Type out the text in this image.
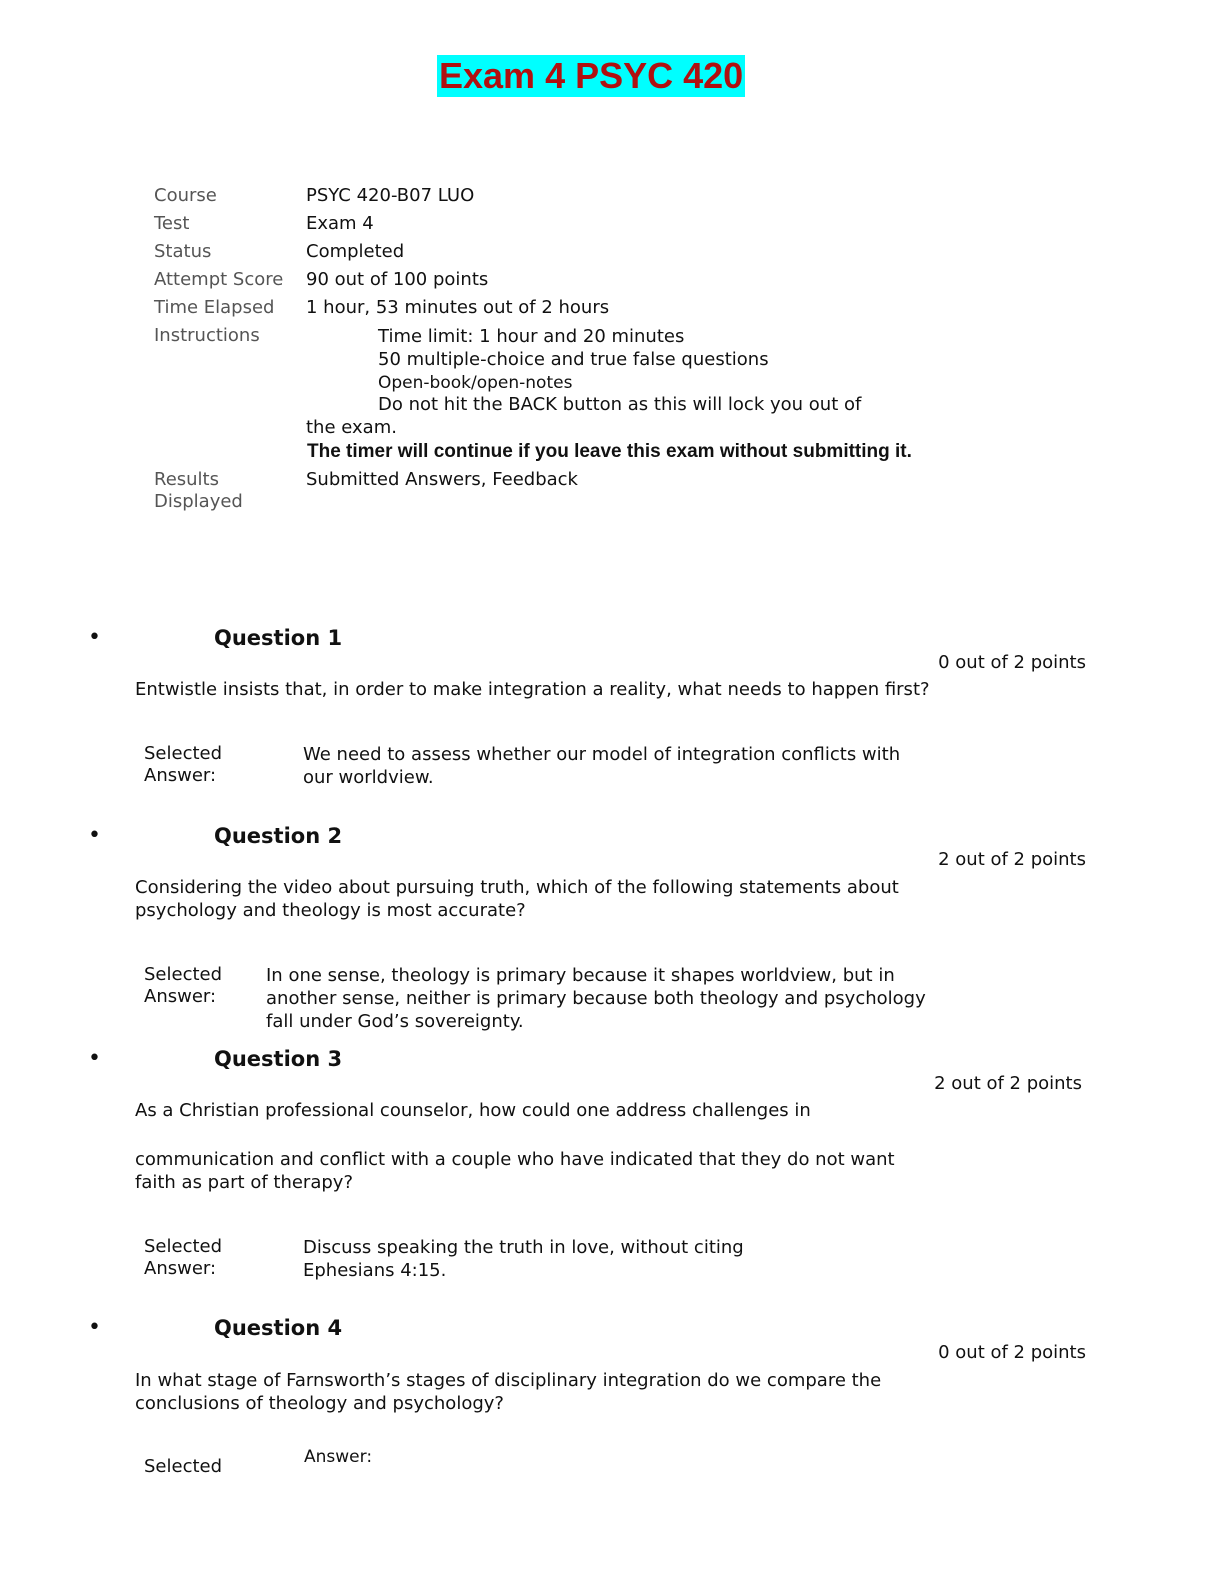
Exam 4 PSYC 420
Course	PSYC 420-B07 LUO
Test	Exam 4
Status	Completed
Attempt Score 90 out of 100 points
Time Elapsed 1 hour, 53 minutes out of 2 hours
Instructions	Time limit: 1 hour and 20 minutes
50 multiple-choice and true false questions
Open-book/open-notes
Do not hit the BACK button as this will lock you out of
the exam.
The timer will continue if you leave this exam without submitting it.
Results
Displayed
Submitted Answers, Feedback
•	Question 1
0 out of 2 points
Entwistle insists that, in order to make integration a reality, what needs to happen first?
Selected
Answer:
We need to assess whether our model of integration conflicts with
our worldview.
•	Question 2
2 out of 2 points
Considering the video about pursuing truth, which of the following statements about
psychology and theology is most accurate?
Selected
Answer:
In one sense, theology is primary because it shapes worldview, but in
another sense, neither is primary because both theology and psychology
fall under God’s sovereignty.
•	Question 3
2 out of 2 points
As a Christian professional counselor, how could one address challenges in
communication and conflict with a couple who have indicated that they do not want
faith as part of therapy?
Selected
Answer:
Discuss speaking the truth in love, without citing
Ephesians 4:15.
•	Question 4
0 out of 2 points
In what stage of Farnsworth’s stages of disciplinary integration do we compare the
conclusions of theology and psychology?
Selected	Answer:
